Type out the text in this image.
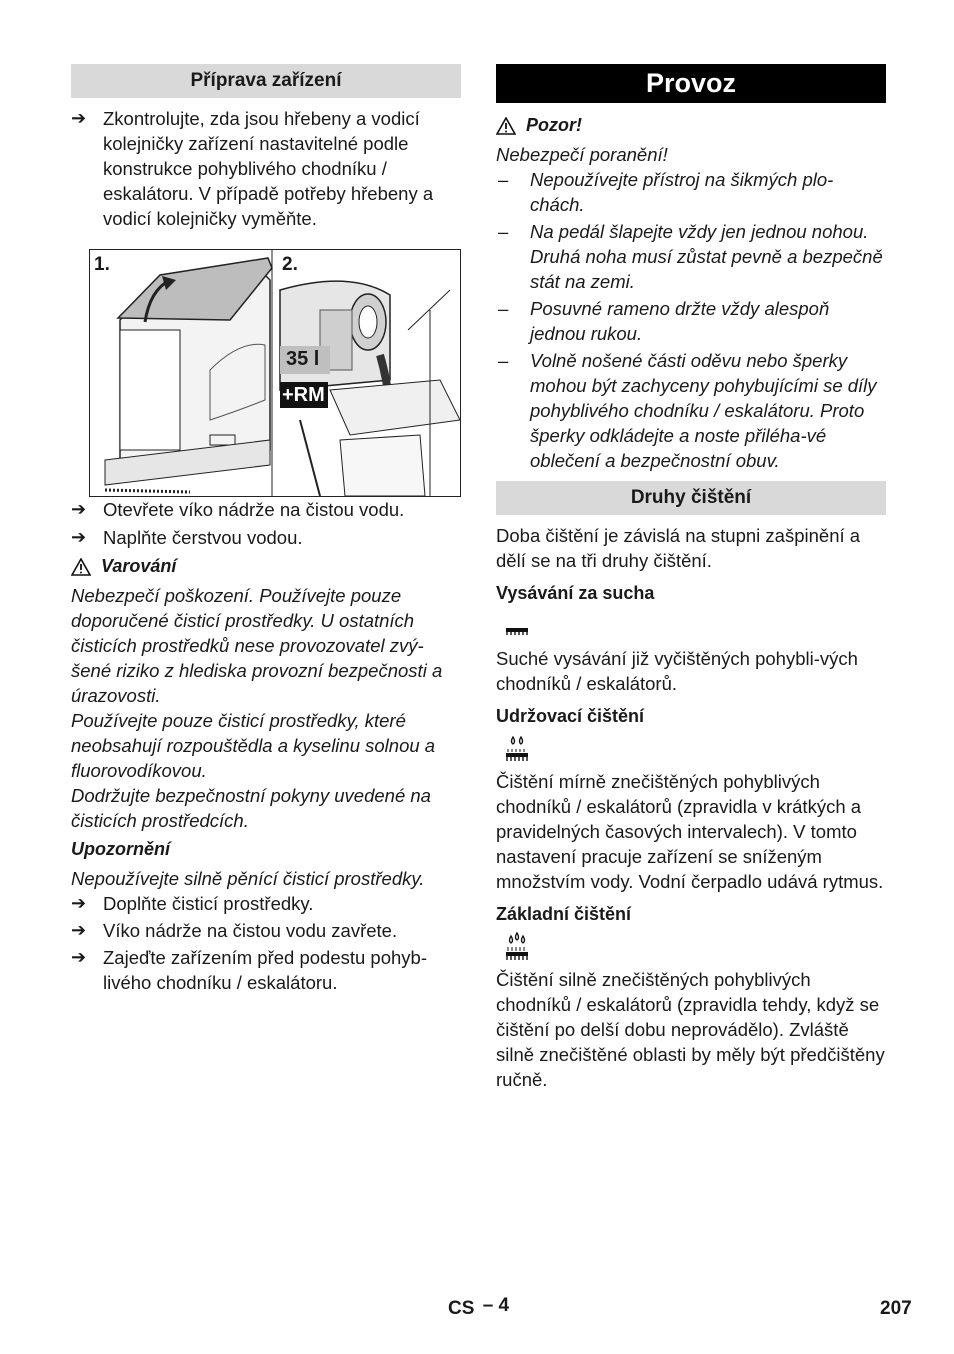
Příprava zařízení
➔ Zkontrolujte, zda jsou hřebeny a vodicí kolejničky zařízení nastavitelné podle konstrukce pohyblivého chodníku / eskalátoru. V případě potřeby hřebeny a vodicí kolejničky vyměňte.
1.	2.
35 l
+RM
➔ Otevřete víko nádrže na čistou vodu.
➔ Naplňte čerstvou vodou.
Varování

Nebezpečí poškození. Používejte pouze doporučené čisticí prostředky. U ostatních čisticích prostředků nese provozovatel zvý-šené riziko z hlediska provozní bezpečnosti a úrazovosti.

Používejte pouze čisticí prostředky, které neobsahují rozpouštědla a kyselinu solnou a fluorovodíkovou.

Dodržujte bezpečnostní pokyny uvedené na čisticích prostředcích.

Upozornění

Nepoužívejte silně pěnící čisticí prostředky.

➔ Doplňte čisticí prostředky.
➔ Víko nádrže na čistou vodu zavřete.
➔ Zajeďte zařízením před podestu pohyb-livého chodníku / eskalátoru.
Provoz
Pozor!

Nebezpečí poranění!

–	Nepoužívejte přístroj na šikmých plo-chách.
–	Na pedál šlapejte vždy jen jednou nohou. Druhá noha musí zůstat pevně a bezpečně stát na zemi.
–	Posuvné rameno držte vždy alespoň jednou rukou.
–	Volně nošené části oděvu nebo šperky mohou být zachyceny pohybujícími se díly pohyblivého chodníku / eskalátoru. Proto šperky odkládejte a noste přiléha-vé oblečení a bezpečnostní obuv.
Druhy čištění

Doba čištění je závislá na stupni zašpinění a dělí se na tři druhy čištění.

Vysávání za sucha

Suché vysávání již vyčištěných pohybli-vých chodníků / eskalátorů.

Udržovací čištění

Čištění mírně znečištěných pohyblivých chodníků / eskalátorů (zpravidla v krátkých a pravidelných časových intervalech). V tomto nastavení pracuje zařízení se sníženým množstvím vody. Vodní čerpadlo udává rytmus.

Základní čištění

Čištění silně znečištěných pohyblivých chodníků / eskalátorů (zpravidla tehdy, když se čištění po delší dobu neprovádělo). Zvláště silně znečištěné oblasti by měly být předčištěny ručně.

CS – 4	207
